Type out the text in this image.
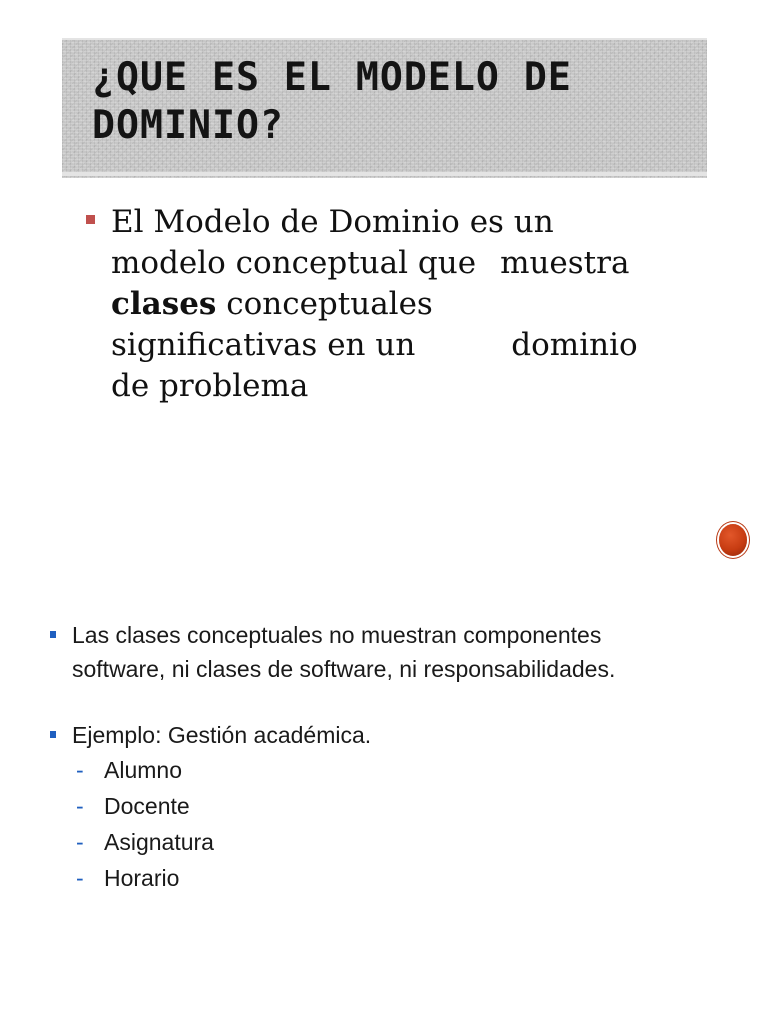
¿QUE ES EL MODELO DE
DOMINIO?
El Modelo de Dominio es un
modelo conceptual que muestra
clases conceptuales
significativas en un	dominio
de problema
Las clases conceptuales no muestran componentes
software, ni clases de software, ni responsabilidades.
Ejemplo: Gestión académica.
- Alumno
- Docente
- Asignatura
- Horario
